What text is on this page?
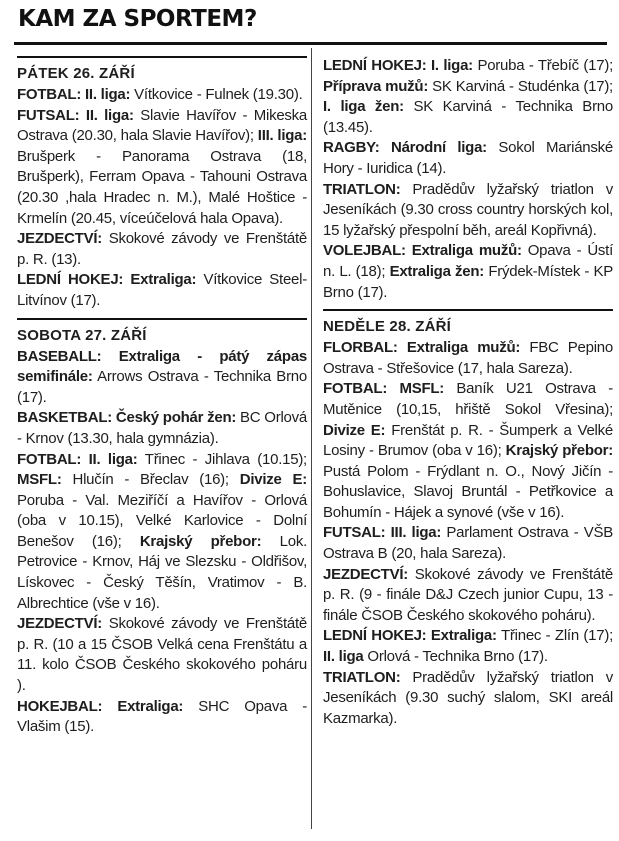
KAM ZA SPORTEM?
PÁTEK 26. ZÁŘÍ

FOTBAL: II. liga: Vítkovice - Fulnek (19.30).

FUTSAL: II. liga: Slavie Havířov - Mikeska Ostrava (20.30, hala Slavie Havířov); III. liga: Brušperk - Panorama Ostrava (18, Brušperk), Ferram Opava - Tahouni Ostrava (20.30 ,hala Hradec n. M.), Malé Hoštice - Krmelín (20.45, víceúčelová hala Opava).

JEZDECTVÍ: Skokové závody ve Frenštátě p. R. (13).

LEDNÍ HOKEJ: Extraliga: Vítkovice Steel- Litvínov (17).

SOBOTA 27. ZÁŘÍ

BASEBALL: Extraliga - pátý zápas semifinále: Arrows Ostrava - Technika Brno (17).

BASKETBAL: Český pohár žen: BC Orlová - Krnov (13.30, hala gymnázia).

FOTBAL: II. liga: Třinec - Jihlava (10.15); MSFL: Hlučín - Břeclav (16); Divize E: Poruba - Val. Meziříčí a Havířov - Orlová (oba v 10.15), Velké Karlovice - Dolní Benešov (16); Krajský přebor: Lok. Petrovice - Krnov, Háj ve Slezsku - Oldřišov, Lískovec - Český Těšín, Vratimov - B. Albrechtice (vše v 16).

JEZDECTVÍ: Skokové závody ve Frenštátě p. R. (10 a 15 ČSOB Velká cena Frenštátu a 11. kolo ČSOB Českého skokového poháru ).

HOKEJBAL: Extraliga: SHC Opava - Vlašim (15).

LEDNÍ HOKEJ: I. liga: Poruba - Třebíč (17); Příprava mužů: SK Karviná - Studénka (17); I. liga žen: SK Karviná - Technika Brno (13.45).

RAGBY: Národní liga: Sokol Mariánské Hory - Iuridica (14).

TRIATLON: Pradědův lyžařský triatlon v Jeseníkách (9.30 cross country horských kol, 15 lyžařský přespolní běh, areál Kopřivná).

VOLEJBAL: Extraliga mužů: Opava - Ústí n. L. (18); Extraliga žen: Frýdek-Místek - KP Brno (17).

NEDĚLE 28. ZÁŘÍ

FLORBAL: Extraliga mužů: FBC Pepino Ostrava - Střešovice (17, hala Sareza).

FOTBAL: MSFL: Baník U21 Ostrava - Mutěnice (10,15, hřiště Sokol Vřesina); Divize E: Frenštát p. R. - Šumperk a Velké Losiny - Brumov (oba v 16); Krajský přebor: Pustá Polom - Frýdlant n. O., Nový Jičín - Bohuslavice, Slavoj Bruntál - Petřkovice a Bohumín - Hájek a synové (vše v 16).

FUTSAL: III. liga: Parlament Ostrava - VŠB Ostrava B (20, hala Sareza).

JEZDECTVÍ: Skokové závody ve Frenštátě p. R. (9 - finále D&J Czech junior Cupu, 13 - finále ČSOB Českého skokového poháru).

LEDNÍ HOKEJ: Extraliga: Třinec - Zlín (17); II. liga Orlová - Technika Brno (17).

TRIATLON: Pradědův lyžařský triatlon v Jeseníkách (9.30 suchý slalom, SKI areál Kazmarka).
